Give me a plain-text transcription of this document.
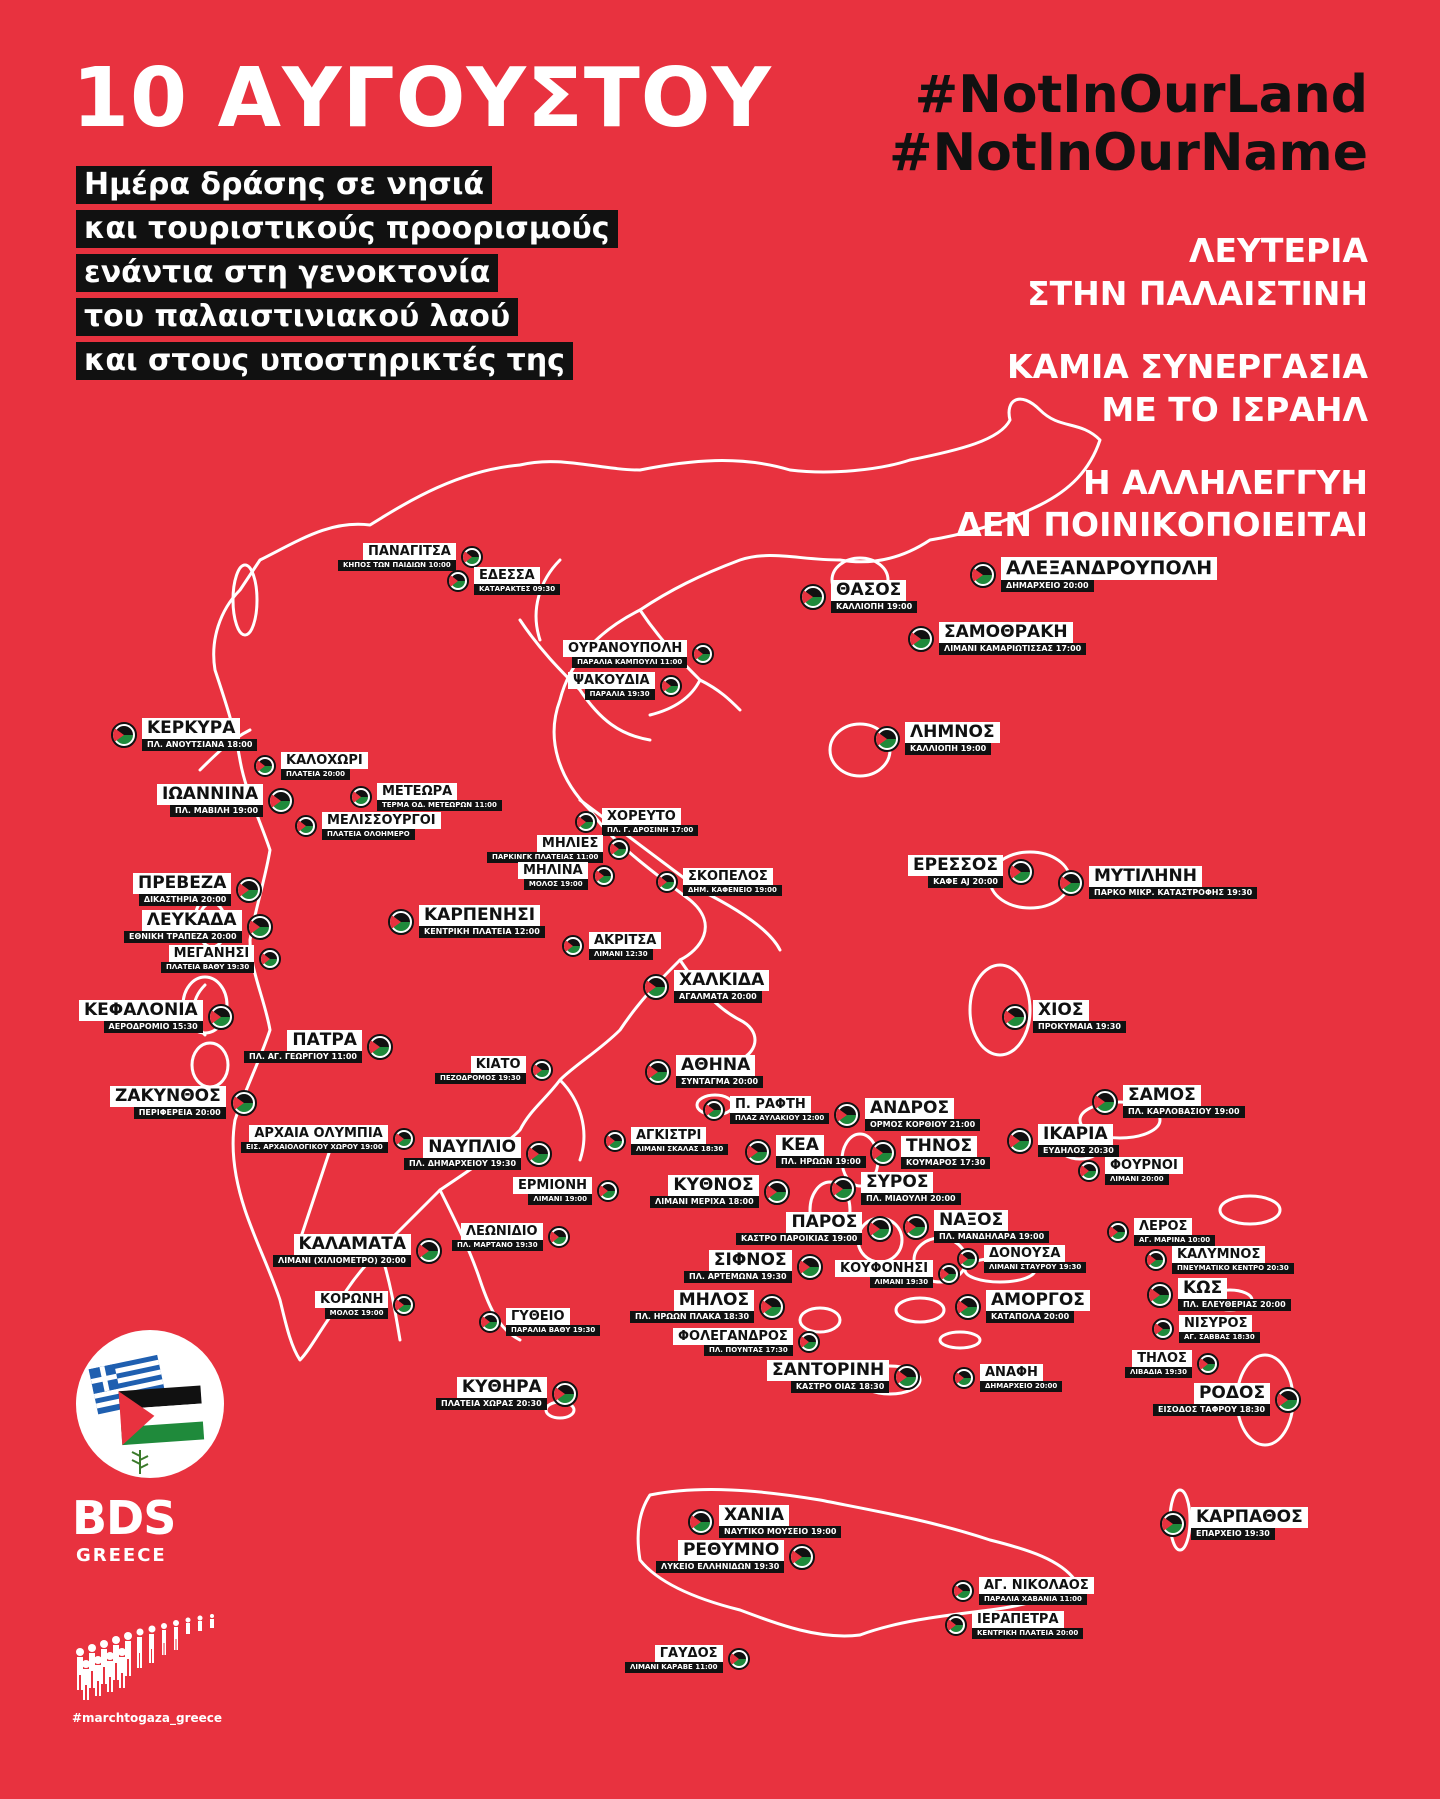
10 ΑΥΓΟΥΣΤΟΥ
Ημέρα δράσης σε νησιά
και τουριστικούς προορισμούς
ενάντια στη γενοκτονία
του παλαιστινιακού λαού
και στους υποστηρικτές της
#NotInOurLand
#NotInOurName
ΛΕΥΤΕΡΙΑ
ΣΤΗΝ ΠΑΛΑΙΣΤΙΝΗ
ΚΑΜΙΑ ΣΥΝΕΡΓΑΣΙΑ
ΜΕ ΤΟ ΙΣΡΑΗΛ
Η ΑΛΛΗΛΕΓΓΥΗ
ΔΕΝ ΠΟΙΝΙΚΟΠΟΙΕΙΤΑΙ
ΠΑΝΑΓΙΤΣΑ
ΚΗΠΟΣ ΤΩΝ ΠΑΙΔΙΩΝ 10:00
ΕΔΕΣΣΑ
ΚΑΤΑΡΑΚΤΕΣ 09:30
ΑΛΕΞΑΝΔΡΟΥΠΟΛΗ
ΔΗΜΑΡΧΕΙΟ 20:00
ΘΑΣΟΣ
ΚΑΛΛΙΟΠΗ 19:00
ΣΑΜΟΘΡΑΚΗ
ΛΙΜΑΝΙ ΚΑΜΑΡΙΩΤΙΣΣΑΣ 17:00
ΟΥΡΑΝΟΥΠΟΛΗ
ΠΑΡΑΛΙΑ ΚΑΜΠΟΥΛΙ 11:00
ΨΑΚΟΥΔΙΑ
ΠΑΡΑΛΙΑ 19:30
ΚΕΡΚΥΡΑ
ΠΛ. ΑΝΟΥΤΣΙΑΝΑ 18:00
ΚΑΛΟΧΩΡΙ
ΠΛΑΤΕΙΑ 20:00
ΛΗΜΝΟΣ
ΚΑΛΛΙΟΠΗ 19:00
ΙΩΑΝΝΙΝΑ
ΠΛ. ΜΑΒΙΛΗ 19:00
ΜΕΤΕΩΡΑ
ΤΕΡΜΑ ΟΔ. ΜΕΤΕΩΡΩΝ 11:00
ΜΕΛΙΣΣΟΥΡΓΟΙ
ΠΛΑΤΕΙΑ ΟΛΟΗΜΕΡΟ
ΧΟΡΕΥΤΟ
ΠΛ. Γ. ΔΡΟΣΙΝΗ 17:00
ΜΗΛΙΕΣ
ΠΑΡΚΙΝΓΚ ΠΛΑΤΕΙΑΣ 11:00
ΜΗΛΙΝΑ
ΜΟΛΟΣ 19:00	ΣΚΟΠΕΛΟΣ
ΔΗΜ. ΚΑΦΕΝΕΙΟ 19:00
ΕΡΕΣΣΟΣ
ΚΑΦΕ ΑJ 20:00	ΜΥΤΙΛΗΝΗ
ΠΑΡΚΟ ΜΙΚΡ. ΚΑΤΑΣΤΡΟΦΗΣ 19:30
ΠΡΕΒΕΖΑ
ΔΙΚΑΣΤΗΡΙΑ 20:00
ΛΕΥΚΑΔΑ
ΕΘΝΙΚΗ ΤΡΑΠΕΖΑ 20:00
ΚΑΡΠΕΝΗΣΙ
ΚΕΝΤΡΙΚΗ ΠΛΑΤΕΙΑ 12:00
ΑΚΡΙΤΣΑ
ΛΙΜΑΝΙ 12:30
ΜΕΓΑΝΗΣΙ
ΠΛΑΤΕΙΑ ΒΑΘΥ 19:30
ΧΑΛΚΙΔΑ
ΑΓΑΛΜΑΤΑ 20:00
ΧΙΟΣ
ΠΡΟΚΥΜΑΙΑ 19:30
ΚΕΦΑΛΟΝΙΑ
ΑΕΡΟΔΡΟΜΙΟ 15:30
ΠΑΤΡΑ
ΠΛ. ΑΓ. ΓΕΩΡΓΙΟΥ 11:00
ΚΙΑΤΟ
ΠΕΖΟΔΡΟΜΟΣ 19:30
ΑΘΗΝΑ
ΣΥΝΤΑΓΜΑ 20:00
ΖΑΚΥΝΘΟΣ
ΠΕΡΙΦΕΡΕΙΑ 20:00
Π. ΡΑΦΤΗ
ΠΛΑΖ ΑΥΛΑΚΙΟΥ 12:00	ΑΝΔΡΟΣ
ΟΡΜΟΣ ΚΟΡΘΙΟΥ 21:00
ΣΑΜΟΣ
ΠΛ. ΚΑΡΛΟΒΑΣΙΟΥ 19:00
ΑΡΧΑΙΑ ΟΛΥΜΠΙΑ
ΕΙΣ. ΑΡΧΑΙΟΛΟΓΙΚΟΥ ΧΩΡΟΥ 19:00
ΑΓΚΙΣΤΡΙ
ΛΙΜΑΝΙ ΣΚΑΛΑΣ 18:30	ΚΕΑ
ΠΛ. ΗΡΩΩΝ 19:00
ΤΗΝΟΣ
ΚΟΥΜΑΡΟΣ 17:30
ΙΚΑΡΙΑ
ΕΥΔΗΛΟΣ 20:30
ΝΑΥΠΛΙΟ
ΠΛ. ΔΗΜΑΡΧΕΙΟΥ 19:30	ΦΟΥΡΝΟΙ
ΛΙΜΑΝΙ 20:00
ΕΡΜΙΟΝΗ
ΛΙΜΑΝΙ 19:00
ΚΥΘΝΟΣ
ΛΙΜΑΝΙ ΜΕΡΙΧΑ 18:00
ΣΥΡΟΣ
ΠΛ. ΜΙΑΟΥΛΗ 20:00
ΠΑΡΟΣ
ΚΑΣΤΡΟ ΠΑΡΟΙΚΙΑΣ 19:00
ΝΑΞΟΣ
ΠΛ. ΜΑΝΔΗΛΑΡΑ 19:00
ΛΕΡΟΣ
ΑΓ. ΜΑΡΙΝΑ 10:00
ΚΑΛΑΜΑΤΑ
ΛΙΜΑΝΙ (ΧΙΛΙΟΜΕΤΡΟ) 20:00
ΛΕΩΝΙΔΙΟ
ΠΛ. ΜΑΡΤΑΝΟ 19:30
ΣΙΦΝΟΣ
ΠΛ. ΑΡΤΕΜΩΝΑ 19:30
ΔΟΝΟΥΣΑ
ΛΙΜΑΝΙ ΣΤΑΥΡΟΥ 19:30
ΚΑΛΥΜΝΟΣ
ΠΝΕΥΜΑΤΙΚΟ ΚΕΝΤΡΟ 20:30
ΚΟΥΦΟΝΗΣΙ
ΛΙΜΑΝΙ 19:30	ΚΩΣ
ΠΛ. ΕΛΕΥΘΕΡΙΑΣ 20:00
ΚΟΡΩΝΗ
ΜΟΛΟΣ 19:00
ΜΗΛΟΣ
ΠΛ. ΗΡΩΩΝ ΠΛΑΚΑ 18:30
ΑΜΟΡΓΟΣ
ΚΑΤΑΠΟΛΑ 20:00
ΓΥΘΕΙΟ
ΠΑΡΑΛΙΑ ΒΑΘΥ 19:30	ΝΙΣΥΡΟΣ
ΑΓ. ΣΑΒΒΑΣ 18:30
ΦΟΛΕΓΑΝΔΡΟΣ
ΠΛ. ΠΟΥΝΤΑΣ 17:30
ΤΗΛΟΣ
ΛΙΒΑΔΙΑ 19:30
ΣΑΝΤΟΡΙΝΗ
ΚΑΣΤΡΟ ΟΙΑΣ 18:30
ΑΝΑΦΗ
ΔΗΜΑΡΧΕΙΟ 20:00
ΚΥΘΗΡΑ
ΠΛΑΤΕΙΑ ΧΩΡΑΣ 20:30
ΡΟΔΟΣ
ΕΙΣΟΔΟΣ ΤΑΦΡΟΥ 18:30
ΧΑΝΙΑ
ΝΑΥΤΙΚΟ ΜΟΥΣΕΙΟ 19:00
ΚΑΡΠΑΘΟΣ
ΕΠΑΡΧΕΙΟ 19:30
ΡΕΘΥΜΝΟ
ΛΥΚΕΙΟ ΕΛΛΗΝΙΔΩΝ 19:30
ΑΓ. ΝΙΚΟΛΑΟΣ
ΠΑΡΑΛΙΑ ΧΑΒΑΝΙΑ 11:00
ΙΕΡΑΠΕΤΡΑ
ΚΕΝΤΡΙΚΗ ΠΛΑΤΕΙΑ 20:00
ΓΑΥΔΟΣ
ΛΙΜΑΝΙ ΚΑΡΑΒΕ 11:00
BDS
GREECE
#marchtogaza_greece
